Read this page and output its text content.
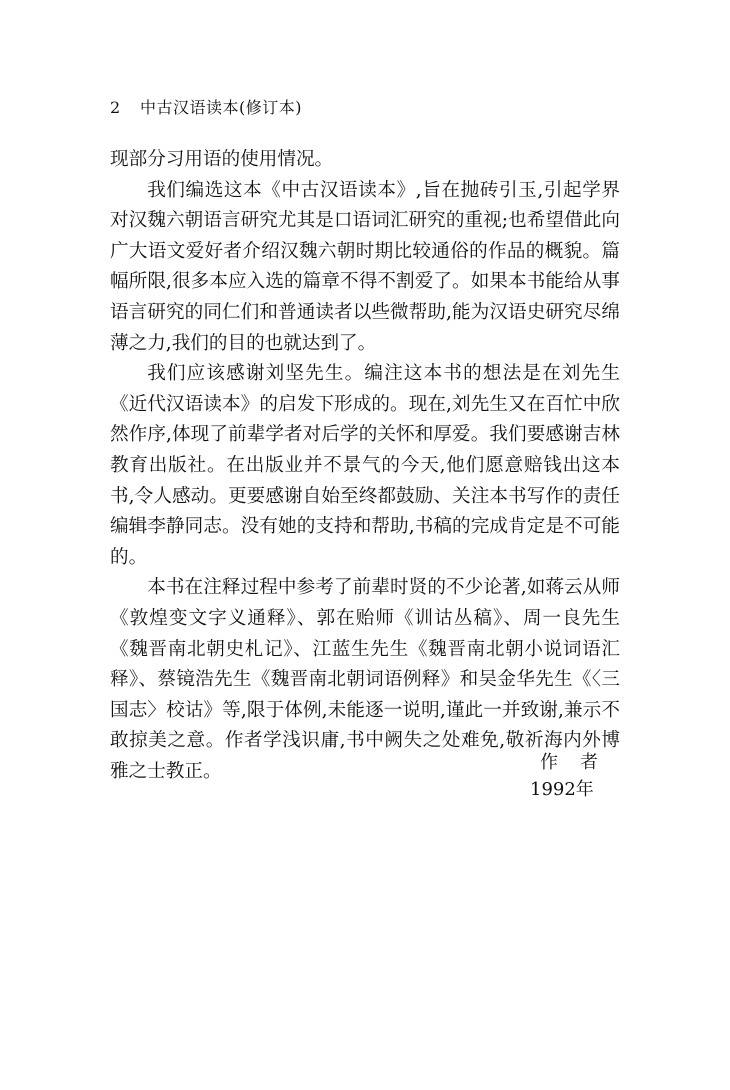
2 中古汉语读本(修订本)

现部分习用语的使用情况。

我们编选这本《中古汉语读本》,旨在抛砖引玉,引起学界对汉魏六朝语言研究尤其是口语词汇研究的重视;也希望借此向广大语文爱好者介绍汉魏六朝时期比较通俗的作品的概貌。篇幅所限,很多本应入选的篇章不得不割爱了。如果本书能给从事语言研究的同仁们和普通读者以些微帮助,能为汉语史研究尽绵薄之力,我们的目的也就达到了。

我们应该感谢刘坚先生。编注这本书的想法是在刘先生《近代汉语读本》的启发下形成的。现在,刘先生又在百忙中欣然作序,体现了前辈学者对后学的关怀和厚爱。我们要感谢吉林教育出版社。在出版业并不景气的今天,他们愿意赔钱出这本书,令人感动。更要感谢自始至终都鼓励、关注本书写作的责任编辑李静同志。没有她的支持和帮助,书稿的完成肯定是不可能的。

本书在注释过程中参考了前辈时贤的不少论著,如蒋云从师《敦煌变文字义通释》、郭在贻师《训诂丛稿》、周一良先生《魏晋南北朝史札记》、江蓝生先生《魏晋南北朝小说词语汇释》、蔡镜浩先生《魏晋南北朝词语例释》和吴金华先生《〈三国志〉校诂》等,限于体例,未能逐一说明,谨此一并致谢,兼示不敢掠美之意。作者学浅识庸,书中阙失之处难免,敬祈海内外博雅之士教正。	作者
1992年
